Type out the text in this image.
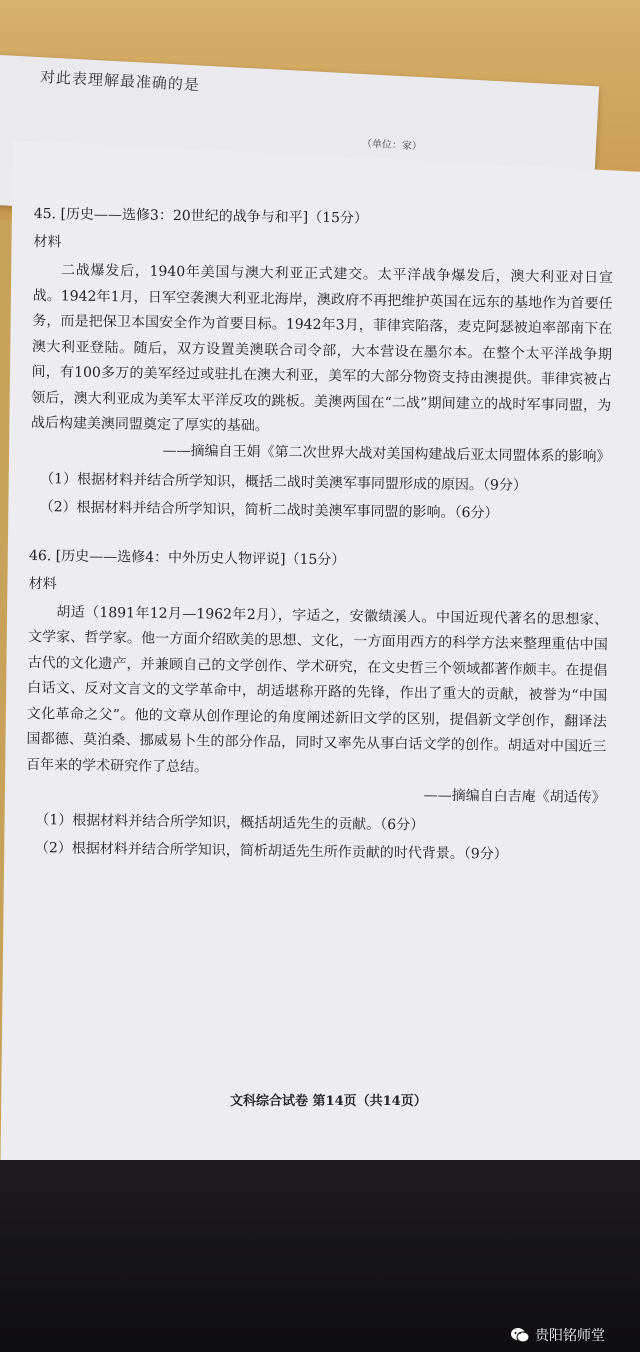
对此表理解最准确的是
（单位：家）
45. [历史——选修3：20世纪的战争与和平]（15分）
材料

二战爆发后，1940年美国与澳大利亚正式建交。太平洋战争爆发后，澳大利亚对日宣战。1942年1月，日军空袭澳大利亚北海岸，澳政府不再把维护英国在远东的基地作为首要任务，而是把保卫本国安全作为首要目标。1942年3月，菲律宾陷落，麦克阿瑟被迫率部南下在澳大利亚登陆。随后，双方设置美澳联合司令部，大本营设在墨尔本。在整个太平洋战争期间，有100多万的美军经过或驻扎在澳大利亚，美军的大部分物资支持由澳提供。菲律宾被占领后，澳大利亚成为美军太平洋反攻的跳板。美澳两国在“二战”期间建立的战时军事同盟，为战后构建美澳同盟奠定了厚实的基础。

——摘编自王娟《第二次世界大战对美国构建战后亚太同盟体系的影响》

（1）根据材料并结合所学知识，概括二战时美澳军事同盟形成的原因。（9分）
（2）根据材料并结合所学知识，简析二战时美澳军事同盟的影响。（6分）
46. [历史——选修4：中外历史人物评说]（15分）
材料

胡适（1891年12月—1962年2月），字适之，安徽绩溪人。中国近现代著名的思想家、文学家、哲学家。他一方面介绍欧美的思想、文化，一方面用西方的科学方法来整理重估中国古代的文化遗产，并兼顾自己的文学创作、学术研究，在文史哲三个领域都著作颇丰。在提倡白话文、反对文言文的文学革命中，胡适堪称开路的先锋，作出了重大的贡献，被誉为“中国文化革命之父”。他的文章从创作理论的角度阐述新旧文学的区别，提倡新文学创作，翻译法国都德、莫泊桑、挪威易卜生的部分作品，同时又率先从事白话文学的创作。胡适对中国近三百年来的学术研究作了总结。

——摘编自白吉庵《胡适传》

（1）根据材料并结合所学知识，概括胡适先生的贡献。（6分）
（2）根据材料并结合所学知识，简析胡适先生所作贡献的时代背景。（9分）
文科综合试卷 第14页（共14页）
贵阳铭师堂
